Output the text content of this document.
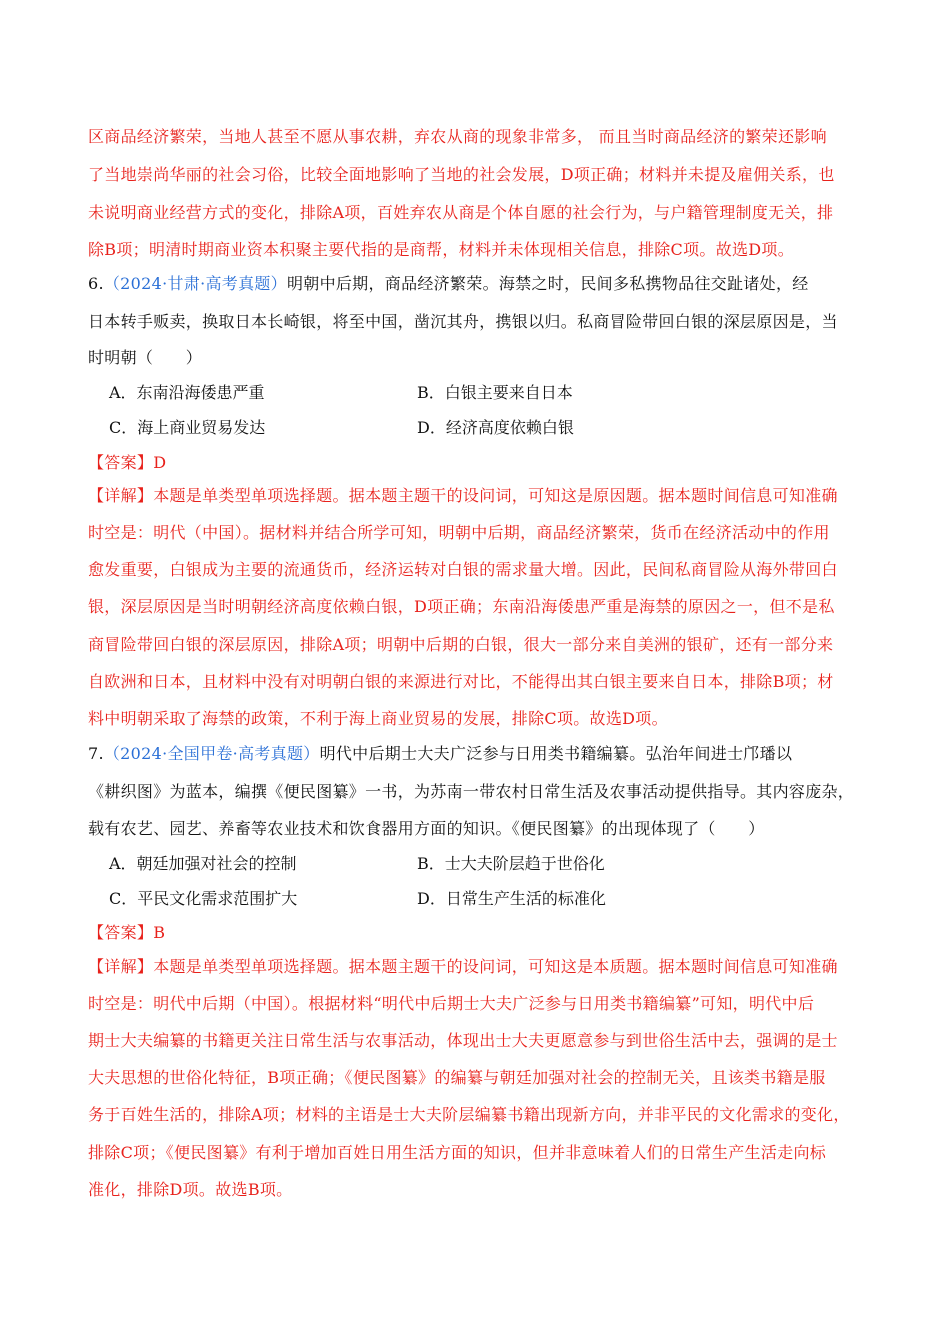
区商品经济繁荣，当地人甚至不愿从事农耕，弃农从商的现象非常多， 而且当时商品经济的繁荣还影响
了当地崇尚华丽的社会习俗，比较全面地影响了当地的社会发展，D项正确；材料并未提及雇佣关系，也
未说明商业经营方式的变化，排除A项，百姓弃农从商是个体自愿的社会行为，与户籍管理制度无关，排
除B项；明清时期商业资本积聚主要代指的是商帮，材料并未体现相关信息，排除C项。故选D项。
6.（2024·甘肃·高考真题）明朝中后期，商品经济繁荣。海禁之时，民间多私携物品往交趾诸处，经
日本转手贩卖，换取日本长崎银，将至中国，凿沉其舟，携银以归。私商冒险带回白银的深层原因是，当
时明朝（　　）
A．东南沿海倭患严重	B．白银主要来自日本
C．海上商业贸易发达	D．经济高度依赖白银
【答案】D
【详解】本题是单类型单项选择题。据本题主题干的设问词，可知这是原因题。据本题时间信息可知准确
时空是：明代（中国）。据材料并结合所学可知，明朝中后期，商品经济繁荣，货币在经济活动中的作用
愈发重要，白银成为主要的流通货币，经济运转对白银的需求量大增。因此，民间私商冒险从海外带回白
银，深层原因是当时明朝经济高度依赖白银，D项正确；东南沿海倭患严重是海禁的原因之一，但不是私
商冒险带回白银的深层原因，排除A项；明朝中后期的白银，很大一部分来自美洲的银矿，还有一部分来
自欧洲和日本，且材料中没有对明朝白银的来源进行对比，不能得出其白银主要来自日本，排除B项；材
料中明朝采取了海禁的政策，不利于海上商业贸易的发展，排除C项。故选D项。
7.（2024·全国甲卷·高考真题）明代中后期士大夫广泛参与日用类书籍编纂。弘治年间进士邝璠以
《耕织图》为蓝本，编撰《便民图纂》一书，为苏南一带农村日常生活及农事活动提供指导。其内容庞杂，
载有农艺、园艺、养畜等农业技术和饮食器用方面的知识。《便民图纂》的出现体现了（　　）
A．朝廷加强对社会的控制	B．士大夫阶层趋于世俗化
C．平民文化需求范围扩大	D．日常生产生活的标准化
【答案】B
【详解】本题是单类型单项选择题。据本题主题干的设问词，可知这是本质题。据本题时间信息可知准确
时空是：明代中后期（中国）。根据材料“明代中后期士大夫广泛参与日用类书籍编纂”可知，明代中后
期士大夫编纂的书籍更关注日常生活与农事活动，体现出士大夫更愿意参与到世俗生活中去，强调的是士
大夫思想的世俗化特征，B项正确；《便民图纂》的编纂与朝廷加强对社会的控制无关，且该类书籍是服
务于百姓生活的，排除A项；材料的主语是士大夫阶层编纂书籍出现新方向，并非平民的文化需求的变化，
排除C项；《便民图纂》有利于增加百姓日用生活方面的知识，但并非意味着人们的日常生产生活走向标
准化，排除D项。故选B项。
